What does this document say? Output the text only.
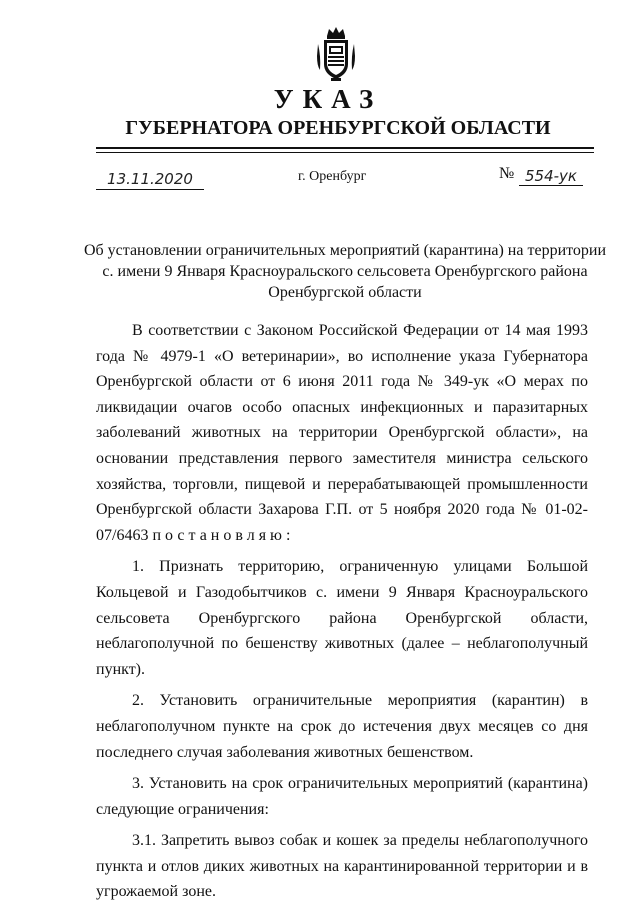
УКАЗ
ГУБЕРНАТОРА ОРЕНБУРГСКОЙ ОБЛАСТИ
13.11.2020	г. Оренбург	№ 554-ук
Об установлении ограничительных мероприятий (карантина) на территории
с. имени 9 Января Красноуральского сельсовета Оренбургского района
Оренбургской области

В соответствии с Законом Российской Федерации от 14 мая 1993 года № 4979-1 «О ветеринарии», во исполнение указа Губернатора Оренбургской области от 6 июня 2011 года № 349-ук «О мерах по ликвидации очагов особо опасных инфекционных и паразитарных заболеваний животных на территории Оренбургской области», на основании представления первого заместителя министра сельского хозяйства, торговли, пищевой и перерабатывающей промышленности Оренбургской области Захарова Г.П. от 5 ноября 2020 года № 01-02-07/6463 постановляю:

1. Признать территорию, ограниченную улицами Большой Кольцевой и Газодобытчиков с. имени 9 Января Красноуральского сельсовета Оренбургского района Оренбургской области, неблагополучной по бешенству животных (далее – неблагополучный пункт).

2. Установить ограничительные мероприятия (карантин) в неблагополучном пункте на срок до истечения двух месяцев со дня последнего случая заболевания животных бешенством.

3. Установить на срок ограничительных мероприятий (карантина) следующие ограничения:

3.1. Запретить вывоз собак и кошек за пределы неблагополучного пункта и отлов диких животных на карантинированной территории и в угрожаемой зоне.
